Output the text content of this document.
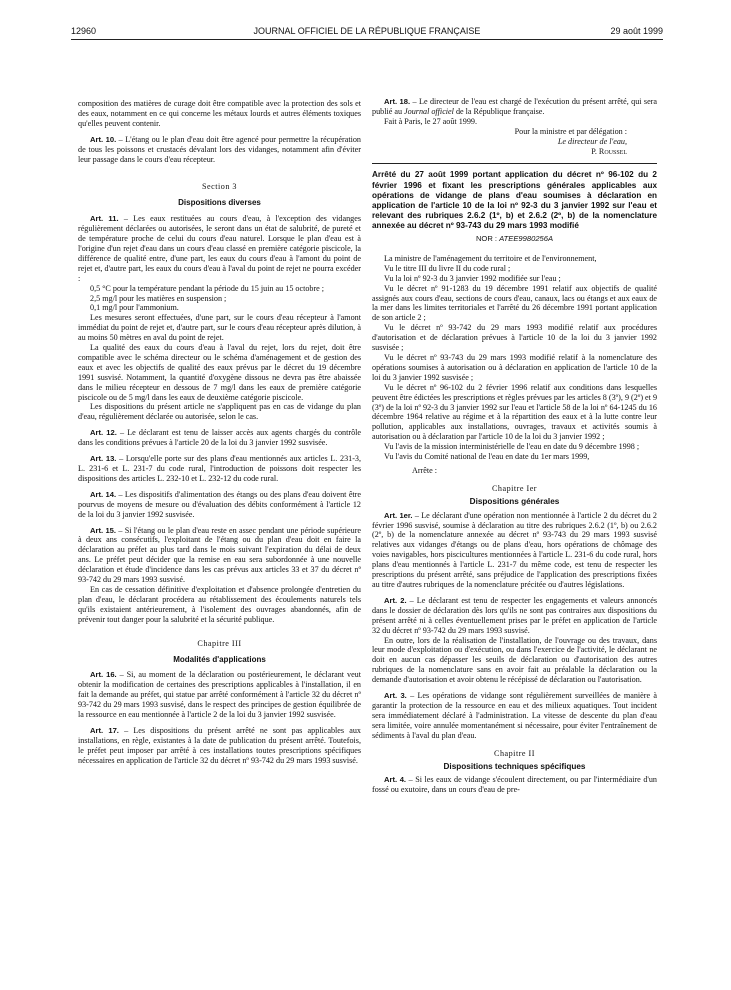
12960	JOURNAL OFFICIEL DE LA RÉPUBLIQUE FRANÇAISE	29 août 1999

composition des matières de curage doit être compatible avec la protection des sols et des eaux, notamment en ce qui concerne les métaux lourds et autres éléments toxiques qu'elles peuvent contenir.

Art. 10. – L'étang ou le plan d'eau doit être agencé pour permettre la récupération de tous les poissons et crustacés dévalant lors des vidanges, notamment afin d'éviter leur passage dans le cours d'eau récepteur.

Section 3
Dispositions diverses

Art. 11. – Les eaux restituées au cours d'eau, à l'exception des vidanges régulièrement déclarées ou autorisées, le seront dans un état de salubrité, de pureté et de température proche de celui du cours d'eau naturel. Lorsque le plan d'eau est à l'origine d'un rejet d'eau dans un cours d'eau classé en première catégorie piscicole, la différence de qualité entre, d'une part, les eaux du cours d'eau à l'amont du point de rejet et, d'autre part, les eaux du cours d'eau à l'aval du point de rejet ne pourra excéder :

0,5 °C pour la température pendant la période du 15 juin au 15 octobre ;

2,5 mg/l pour les matières en suspension ;

0,1 mg/l pour l'ammonium.

Les mesures seront effectuées, d'une part, sur le cours d'eau récepteur à l'amont immédiat du point de rejet et, d'autre part, sur le cours d'eau récepteur après dilution, à au moins 50 mètres en aval du point de rejet.

La qualité des eaux du cours d'eau à l'aval du rejet, lors du rejet, doit être compatible avec le schéma directeur ou le schéma d'aménagement et de gestion des eaux et avec les objectifs de qualité des eaux prévus par le décret du 19 décembre 1991 susvisé. Notamment, la quantité d'oxygène dissous ne devra pas être abaissée dans le milieu récepteur en dessous de 7 mg/l dans les eaux de première catégorie piscicole ou de 5 mg/l dans les eaux de deuxième catégorie piscicole.

Les dispositions du présent article ne s'appliquent pas en cas de vidange du plan d'eau, régulièrement déclarée ou autorisée, selon le cas.

Art. 12. – Le déclarant est tenu de laisser accès aux agents chargés du contrôle dans les conditions prévues à l'article 20 de la loi du 3 janvier 1992 susvisée.

Art. 13. – Lorsqu'elle porte sur des plans d'eau mentionnés aux articles L. 231-3, L. 231-6 et L. 231-7 du code rural, l'introduction de poissons doit respecter les dispositions des articles L. 232-10 et L. 232-12 du code rural.

Art. 14. – Les dispositifs d'alimentation des étangs ou des plans d'eau doivent être pourvus de moyens de mesure ou d'évaluation des débits conformément à l'article 12 de la loi du 3 janvier 1992 susvisée.

Art. 15. – Si l'étang ou le plan d'eau reste en assec pendant une période supérieure à deux ans consécutifs, l'exploitant de l'étang ou du plan d'eau doit en faire la déclaration au préfet au plus tard dans le mois suivant l'expiration du délai de deux ans. Le préfet peut décider que la remise en eau sera subordonnée à une nouvelle déclaration et étude d'incidence dans les cas prévus aux articles 33 et 37 du décret nº 93-742 du 29 mars 1993 susvisé.

En cas de cessation définitive d'exploitation et d'absence prolongée d'entretien du plan d'eau, le déclarant procédera au rétablissement des écoulements naturels tels qu'ils existaient antérieurement, à l'isolement des ouvrages abandonnés, afin de prévenir tout danger pour la salubrité et la sécurité publique.

Chapitre III
Modalités d'applications

Art. 16. – Si, au moment de la déclaration ou postérieurement, le déclarant veut obtenir la modification de certaines des prescriptions applicables à l'installation, il en fait la demande au préfet, qui statue par arrêté conformément à l'article 32 du décret nº 93-742 du 29 mars 1993 susvisé, dans le respect des principes de gestion équilibrée de la ressource en eau mentionnée à l'article 2 de la loi du 3 janvier 1992 susvisée.

Art. 17. – Les dispositions du présent arrêté ne sont pas applicables aux installations, en règle, existantes à la date de publication du présent arrêté. Toutefois, le préfet peut imposer par arrêté à ces installations toutes prescriptions spécifiques nécessaires en application de l'article 32 du décret nº 93-742 du 29 mars 1993 susvisé.

Art. 18. – Le directeur de l'eau est chargé de l'exécution du présent arrêté, qui sera publié au Journal officiel de la République française.

Fait à Paris, le 27 août 1999.

Pour la ministre et par délégation :
Le directeur de l'eau,
P. Roussel
Arrêté du 27 août 1999 portant application du décret nº 96-102 du 2 février 1996 et fixant les prescriptions générales applicables aux opérations de vidange de plans d'eau soumises à déclaration en application de l'article 10 de la loi nº 92-3 du 3 janvier 1992 sur l'eau et relevant des rubriques 2.6.2 (1º, b) et 2.6.2 (2º, b) de la nomenclature annexée au décret nº 93-743 du 29 mars 1993 modifié
NOR : ATEE9980256A

La ministre de l'aménagement du territoire et de l'environnement,

Vu le titre III du livre II du code rural ;

Vu la loi nº 92-3 du 3 janvier 1992 modifiée sur l'eau ;

Vu le décret nº 91-1283 du 19 décembre 1991 relatif aux objectifs de qualité assignés aux cours d'eau, sections de cours d'eau, canaux, lacs ou étangs et aux eaux de la mer dans les limites territoriales et l'arrêté du 26 décembre 1991 portant application de son article 2 ;

Vu le décret nº 93-742 du 29 mars 1993 modifié relatif aux procédures d'autorisation et de déclaration prévues à l'article 10 de la loi du 3 janvier 1992 susvisée ;

Vu le décret nº 93-743 du 29 mars 1993 modifié relatif à la nomenclature des opérations soumises à autorisation ou à déclaration en application de l'article 10 de la loi du 3 janvier 1992 susvisée ;

Vu le décret nº 96-102 du 2 février 1996 relatif aux conditions dans lesquelles peuvent être édictées les prescriptions et règles prévues par les articles 8 (3º), 9 (2º) et 9 (3º) de la loi nº 92-3 du 3 janvier 1992 sur l'eau et l'article 58 de la loi nº 64-1245 du 16 décembre 1964 relative au régime et à la répartition des eaux et à la lutte contre leur pollution, applicables aux installations, ouvrages, travaux et activités soumis à autorisation ou à déclaration par l'article 10 de la loi du 3 janvier 1992 ;

Vu l'avis de la mission interministérielle de l'eau en date du 9 décembre 1998 ;

Vu l'avis du Comité national de l'eau en date du 1er mars 1999,

Arrête :

Chapitre Ier
Dispositions générales

Art. 1er. – Le déclarant d'une opération non mentionnée à l'article 2 du décret du 2 février 1996 susvisé, soumise à déclaration au titre des rubriques 2.6.2 (1º, b) ou 2.6.2 (2º, b) de la nomenclature annexée au décret nº 93-743 du 29 mars 1993 susvisé relatives aux vidanges d'étangs ou de plans d'eau, hors opérations de chômage des voies navigables, hors piscicultures mentionnées à l'article L. 231-6 du code rural, hors plans d'eau mentionnés à l'article L. 231-7 du même code, est tenu de respecter les prescriptions du présent arrêté, sans préjudice de l'application des prescriptions fixées au titre d'autres rubriques de la nomenclature précitée ou d'autres législations.

Art. 2. – Le déclarant est tenu de respecter les engagements et valeurs annoncés dans le dossier de déclaration dès lors qu'ils ne sont pas contraires aux dispositions du présent arrêté ni à celles éventuellement prises par le préfet en application de l'article 32 du décret nº 93-742 du 29 mars 1993 susvisé.

En outre, lors de la réalisation de l'installation, de l'ouvrage ou des travaux, dans leur mode d'exploitation ou d'exécution, ou dans l'exercice de l'activité, le déclarant ne doit en aucun cas dépasser les seuils de déclaration ou d'autorisation des autres rubriques de la nomenclature sans en avoir fait au préalable la déclaration ou la demande d'autorisation et avoir obtenu le récépissé de déclaration ou l'autorisation.

Art. 3. – Les opérations de vidange sont régulièrement surveillées de manière à garantir la protection de la ressource en eau et des milieux aquatiques. Tout incident sera immédiatement déclaré à l'administration. La vitesse de descente du plan d'eau sera limitée, voire annulée momentanément si nécessaire, pour éviter l'entraînement de sédiments à l'aval du plan d'eau.

Chapitre II
Dispositions techniques spécifiques

Art. 4. – Si les eaux de vidange s'écoulent directement, ou par l'intermédiaire d'un fossé ou exutoire, dans un cours d'eau de pre-
